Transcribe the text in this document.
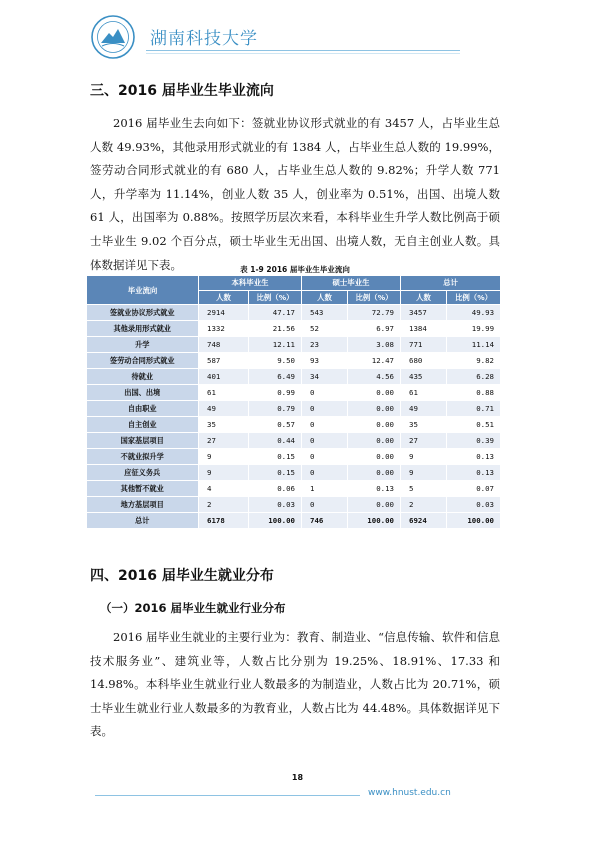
湖南科技大学
三、2016 届毕业生毕业流向

2016 届毕业生去向如下：签就业协议形式就业的有 3457 人，占毕业生总人数 49.93%，其他录用形式就业的有 1384 人，占毕业生总人数的 19.99%，签劳动合同形式就业的有 680 人，占毕业生总人数的 9.82%；升学人数 771 人，升学率为 11.14%，创业人数 35 人，创业率为 0.51%，出国、出境人数 61 人，出国率为 0.88%。按照学历层次来看，本科毕业生升学人数比例高于硕士毕业生 9.02 个百分点，硕士毕业生无出国、出境人数，无自主创业人数。具体数据详见下表。	表 1-9 2016 届毕业生毕业流向
毕业流向	本科毕业生		硕士毕业生		总计	
	人数	比例（%）	人数	比例（%）	人数	比例（%）
签就业协议形式就业	2914	47.17	543	72.79	3457	49.93
其他录用形式就业	1332	21.56	52	6.97	1384	19.99
升学	748	12.11	23	3.08	771	11.14
签劳动合同形式就业	587	9.50	93	12.47	680	9.82
待就业	401	6.49	34	4.56	435	6.28
出国、出境	61	0.99	0	0.00	61	0.88
自由职业	49	0.79	0	0.00	49	0.71
自主创业	35	0.57	0	0.00	35	0.51
国家基层项目	27	0.44	0	0.00	27	0.39
不就业拟升学	9	0.15	0	0.00	9	0.13
应征义务兵	9	0.15	0	0.00	9	0.13
其他暂不就业	4	0.06	1	0.13	5	0.07
地方基层项目	2	0.03	0	0.00	2	0.03
总计	6178	100.00	746	100.00	6924	100.00
四、2016 届毕业生就业分布
（一）2016 届毕业生就业行业分布

2016 届毕业生就业的主要行业为：教育、制造业、“信息传输、软件和信息技术服务业”、建筑业等，人数占比分别为 19.25%、18.91%、17.33 和 14.98%。本科毕业生就业行业人数最多的为制造业，人数占比为 20.71%，硕士毕业生就业行业人数最多的为教育业，人数占比为 44.48%。具体数据详见下表。

18
www.hnust.edu.cn
